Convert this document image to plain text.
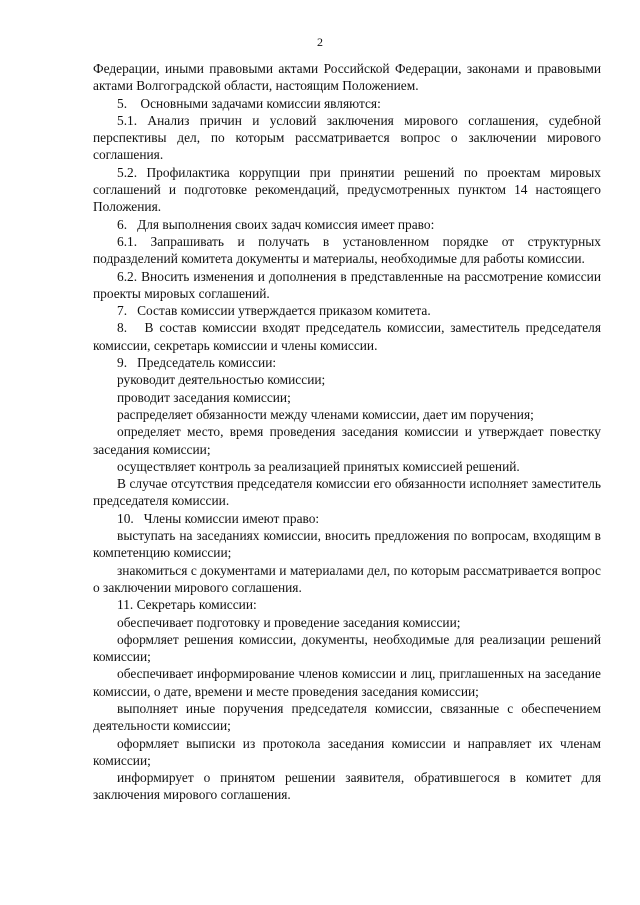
2

Федерации, иными правовыми актами Российской Федерации, законами и правовыми актами Волгоградской области, настоящим Положением.

5.    Основными задачами комиссии являются:

5.1. Анализ причин и условий заключения мирового соглашения, судебной перспективы дел, по которым рассматривается вопрос о заключении мирового соглашения.

5.2. Профилактика коррупции при принятии решений по проектам мировых соглашений и подготовке рекомендаций, предусмотренных пунктом 14 настоящего Положения.

6.   Для выполнения своих задач комиссия имеет право:

6.1. Запрашивать и получать в установленном порядке от структурных подразделений комитета документы и материалы, необходимые для работы комиссии.

6.2. Вносить изменения и дополнения в представленные на рассмотрение комиссии проекты мировых соглашений.

7.   Состав комиссии утверждается приказом комитета.

8.   В состав комиссии входят председатель комиссии, заместитель председателя комиссии, секретарь комиссии и члены комиссии.

9.   Председатель комиссии:

руководит деятельностью комиссии;

проводит заседания комиссии;

распределяет обязанности между членами комиссии, дает им поручения;

определяет место, время проведения заседания комиссии и утверждает повестку заседания комиссии;

осуществляет контроль за реализацией принятых комиссией решений.

В случае отсутствия председателя комиссии его обязанности исполняет заместитель председателя комиссии.

10.   Члены комиссии имеют право:

выступать на заседаниях комиссии, вносить предложения по вопросам, входящим в компетенцию комиссии;

знакомиться с документами и материалами дел, по которым рассматривается вопрос о заключении мирового соглашения.

11. Секретарь комиссии:

обеспечивает подготовку и проведение заседания комиссии;

оформляет решения комиссии, документы, необходимые для реализации решений комиссии;

обеспечивает информирование членов комиссии и лиц, приглашенных на заседание комиссии, о дате, времени и месте проведения заседания комиссии;

выполняет иные поручения председателя комиссии, связанные с обеспечением деятельности комиссии;

оформляет выписки из протокола заседания комиссии и направляет их членам комиссии;

информирует о принятом решении заявителя, обратившегося в комитет для заключения мирового соглашения.
